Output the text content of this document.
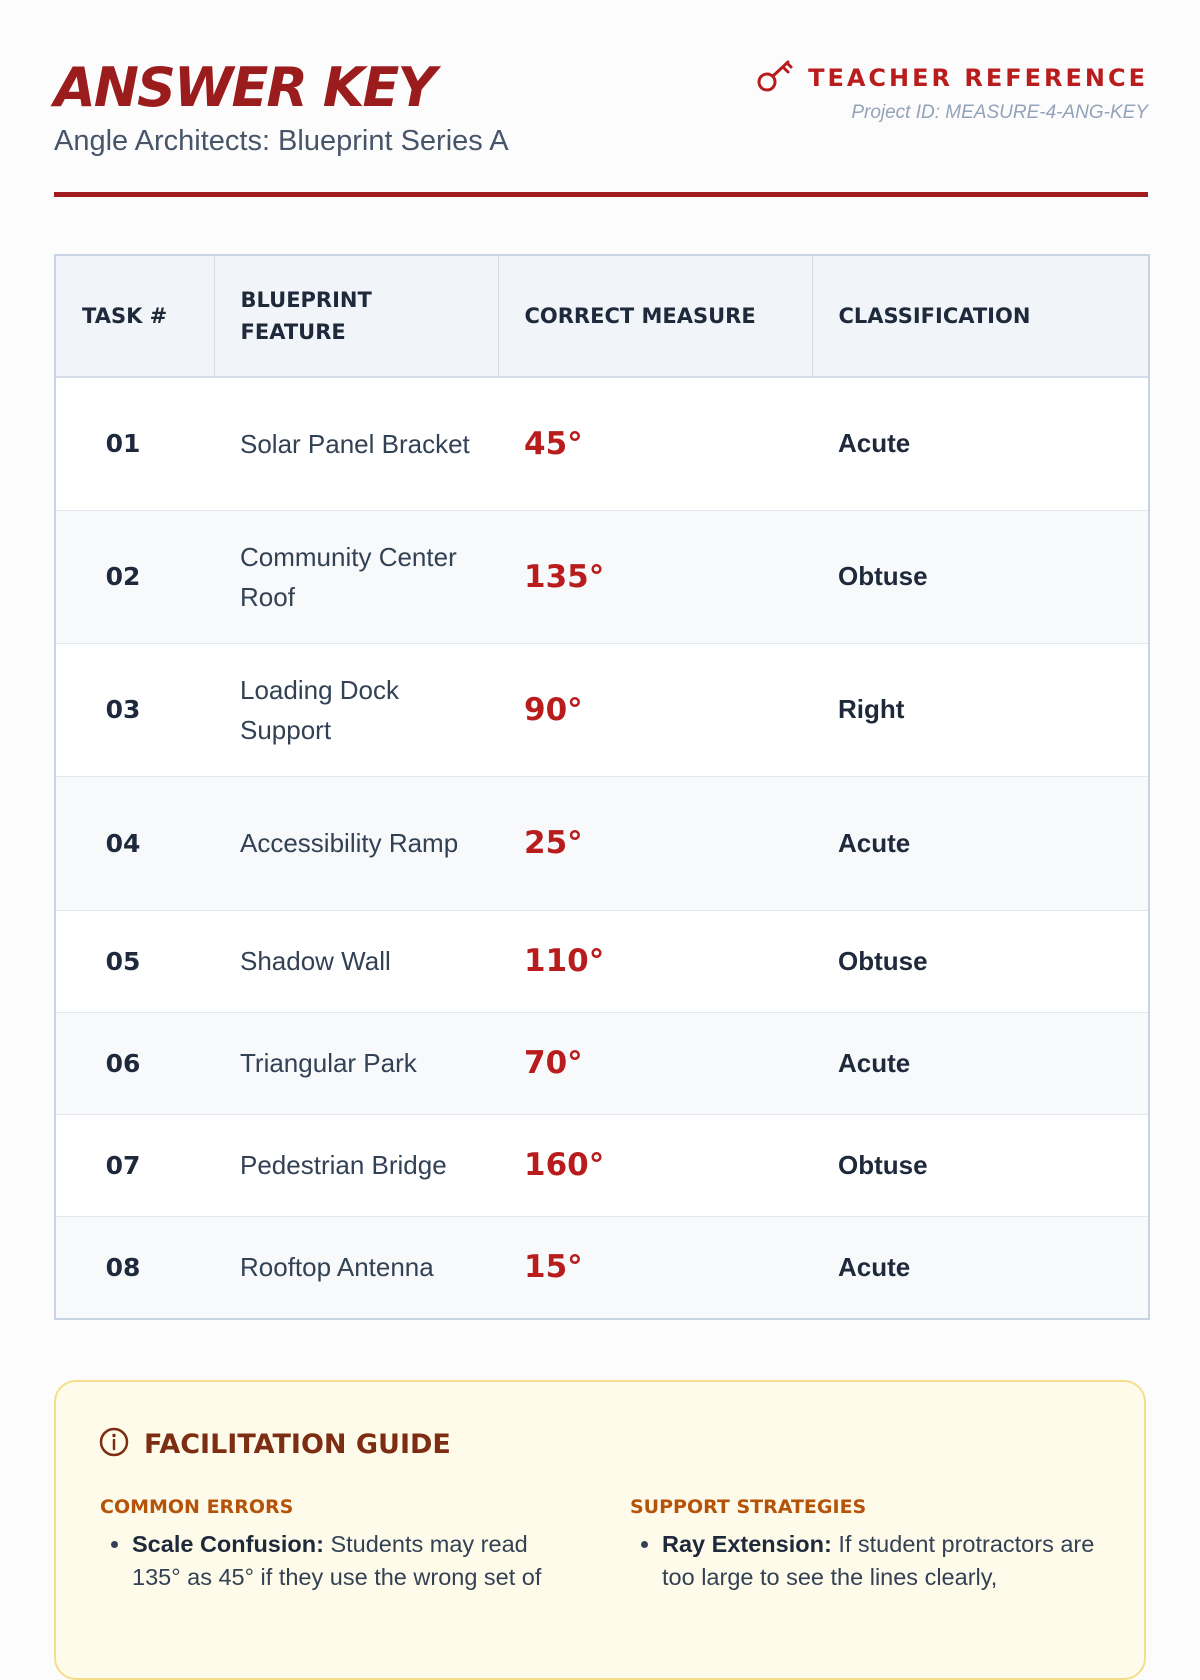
ANSWER KEY
Angle Architects: Blueprint Series A
TEACHER REFERENCE
Project ID: MEASURE-4-ANG-KEY
TASK #	BLUEPRINT FEATURE	CORRECT MEASURE	CLASSIFICATION
01	Solar Panel Bracket	45°	Acute
02	Community Center Roof	135°	Obtuse
03	Loading Dock Support	90°	Right
04	Accessibility Ramp	25°	Acute
05	Shadow Wall	110°	Obtuse
06	Triangular Park	70°	Acute
07	Pedestrian Bridge	160°	Obtuse
08	Rooftop Antenna	15°	Acute
FACILITATION GUIDE
COMMON ERRORS
• Scale Confusion: Students may read 135° as 45° if they use the wrong set of
SUPPORT STRATEGIES
• Ray Extension: If student protractors are too large to see the lines clearly,
